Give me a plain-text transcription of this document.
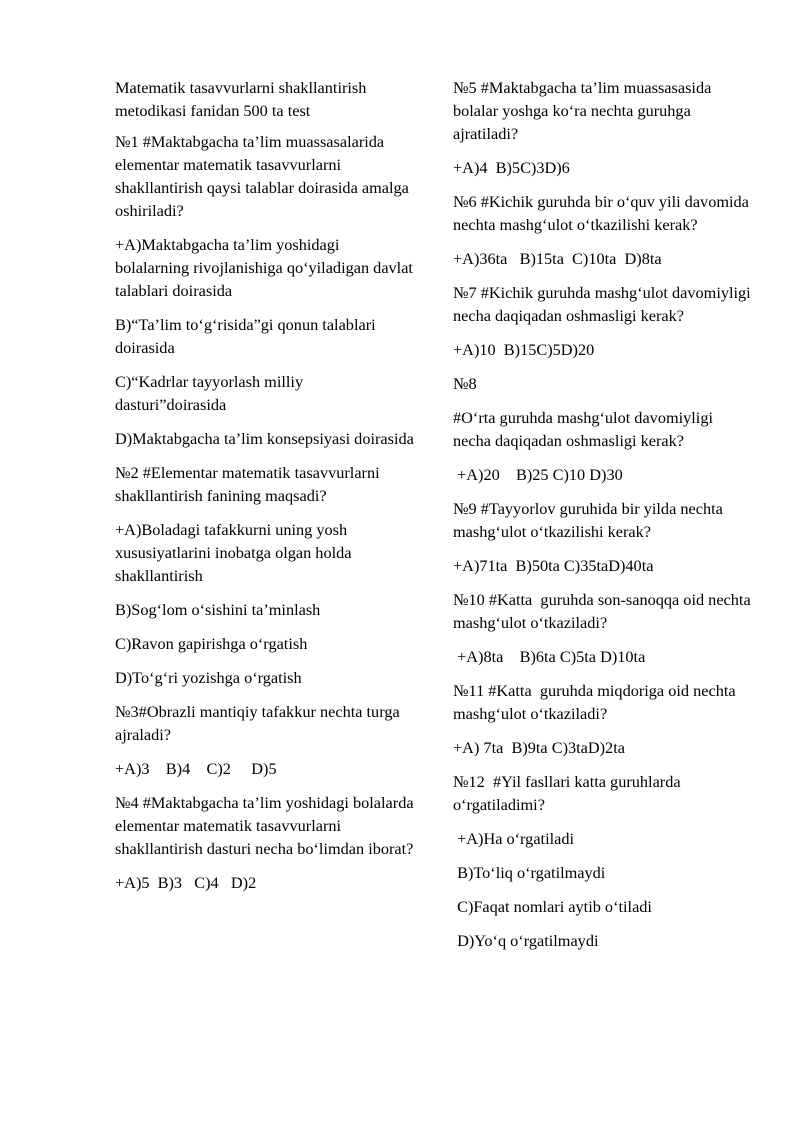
Matematik tasavvurlarni shakllantirish metodikasi fanidan 500 ta test

№1 #Maktabgacha ta’lim muassasalarida elementar matematik tasavvurlarni shakllantirish qaysi talablar doirasida amalga oshiriladi?

+A)Maktabgacha ta’lim yoshidagi bolalarning rivojlanishiga qo‘yiladigan davlat talablari doirasida

B)“Ta’lim to‘g‘risida”gi qonun talablari doirasida

C)“Kadrlar tayyorlash milliy dasturi”doirasida

D)Maktabgacha ta’lim konsepsiyasi doirasida

№2 #Elementar matematik tasavvurlarni  shakllantirish fanining maqsadi?

+A)Boladagi tafakkurni uning yosh xususiyatlarini inobatga olgan holda shakllantirish

B)Sog‘lom o‘sishini ta’minlash

C)Ravon gapirishga o‘rgatish

D)To‘g‘ri yozishga o‘rgatish

№3#Obrazli mantiqiy tafakkur nechta turga ajraladi?

+A)3    B)4    C)2     D)5

№4 #Maktabgacha ta’lim yoshidagi bolalarda elementar matematik tasavvurlarni shakllantirish dasturi necha bo‘limdan iborat?

+A)5  B)3   C)4   D)2

№5 #Maktabgacha ta’lim muassasasida bolalar yoshga ko‘ra nechta guruhga ajratiladi?

+A)4  B)5C)3D)6

№6 #Kichik guruhda bir o‘quv yili davomida nechta mashg‘ulot o‘tkazilishi kerak?

+A)36ta   B)15ta  C)10ta  D)8ta

№7 #Kichik guruhda mashg‘ulot davomiyligi necha daqiqadan oshmasligi kerak?

+A)10  B)15C)5D)20

№8

#O‘rta guruhda mashg‘ulot davomiyligi necha daqiqadan oshmasligi kerak?

+A)20    B)25 C)10 D)30

№9 #Tayyorlov guruhida bir yilda nechta mashg‘ulot o‘tkazilishi kerak?

+A)71ta  B)50ta C)35taD)40ta

№10 #Katta  guruhda son-sanoqqa oid nechta mashg‘ulot o‘tkaziladi?

+A)8ta    B)6ta C)5ta D)10ta

№11 #Katta  guruhda miqdoriga oid nechta mashg‘ulot o‘tkaziladi?

+A) 7ta  B)9ta C)3taD)2ta

№12  #Yil fasllari katta guruhlarda o‘rgatiladimi?

+A)Ha o‘rgatiladi

B)To‘liq o‘rgatilmaydi

C)Faqat nomlari aytib o‘tiladi

D)Yo‘q o‘rgatilmaydi
